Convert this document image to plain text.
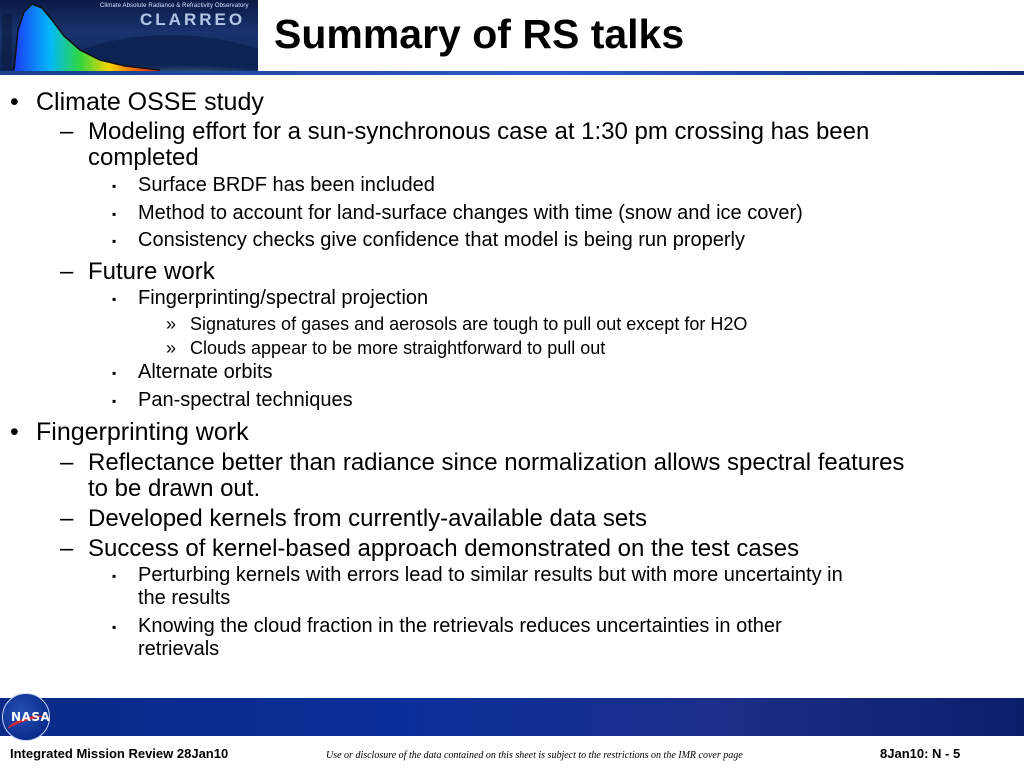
Climate Absolute Radiance & Refractivity Observatory
CLARREO Summary of RS talks
• Climate OSSE study
– Modeling effort for a sun-synchronous case at 1:30 pm crossing has been
completed
▪ Surface BRDF has been included
▪ Method to account for land-surface changes with time (snow and ice cover)
▪ Consistency checks give confidence that model is being run properly
– Future work
▪ Fingerprinting/spectral projection
» Signatures of gases and aerosols are tough to pull out except for H2O
» Clouds appear to be more straightforward to pull out
▪ Alternate orbits
▪ Pan-spectral techniques
• Fingerprinting work
– Reflectance better than radiance since normalization allows spectral features
to be drawn out.
– Developed kernels from currently-available data sets
– Success of kernel-based approach demonstrated on the test cases
▪ Perturbing kernels with errors lead to similar results but with more uncertainty in
the results
▪ Knowing the cloud fraction in the retrievals reduces uncertainties in other
retrievals
NASA
Integrated Mission Review 28Jan10	Use or disclosure of the data contained on this sheet is subject to the restrictions on the IMR cover page	8Jan10: N - 5
